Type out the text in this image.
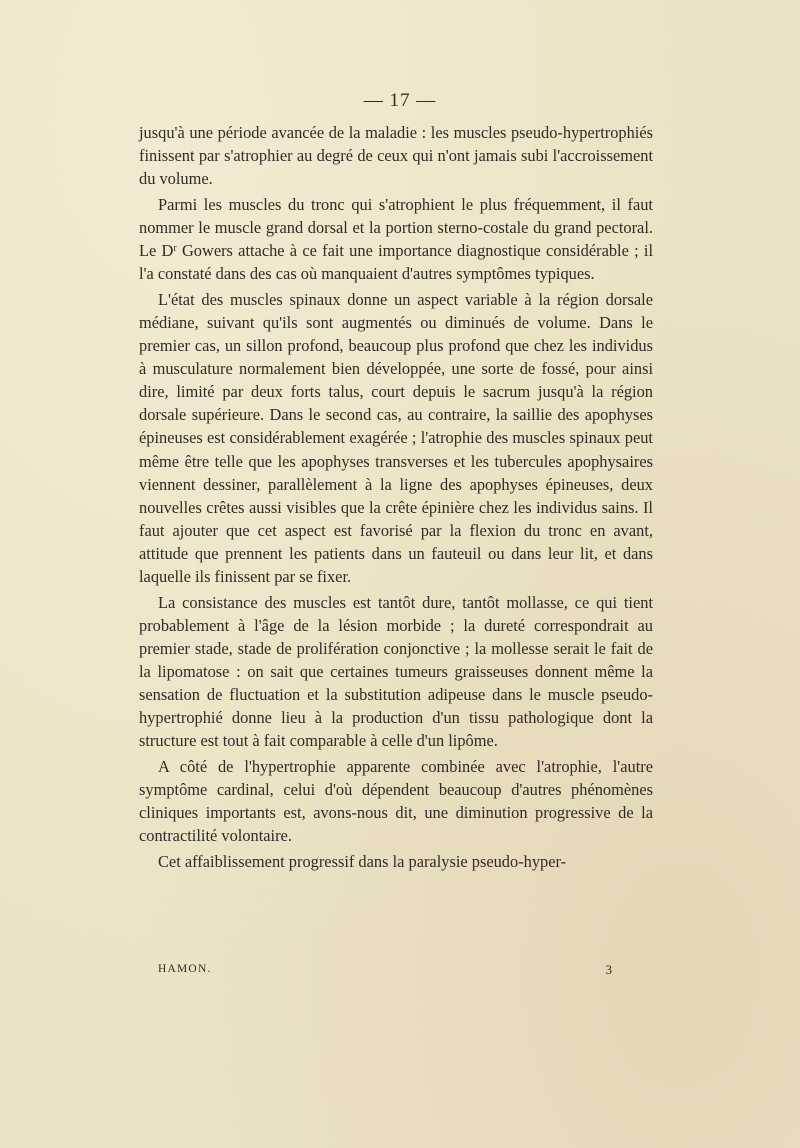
— 17 —

jusqu'à une période avancée de la maladie : les muscles pseudo-hypertrophiés finissent par s'atrophier au degré de ceux qui n'ont jamais subi l'accroissement du volume.

Parmi les muscles du tronc qui s'atrophient le plus fréquemment, il faut nommer le muscle grand dorsal et la portion sterno-costale du grand pectoral. Le $D^r$ Gowers attache à ce fait une importance diagnostique considérable ; il l'a constaté dans des cas où manquaient d'autres symptômes typiques.

L'état des muscles spinaux donne un aspect variable à la région dorsale médiane, suivant qu'ils sont augmentés ou diminués de volume. Dans le premier cas, un sillon profond, beaucoup plus profond que chez les individus à musculature normalement bien développée, une sorte de fossé, pour ainsi dire, limité par deux forts talus, court depuis le sacrum jusqu'à la région dorsale supérieure. Dans le second cas, au contraire, la saillie des apophyses épineuses est considérablement exagérée ; l'atrophie des muscles spinaux peut même être telle que les apophyses transverses et les tubercules apophysaires viennent dessiner, parallèlement à la ligne des apophyses épineuses, deux nouvelles crêtes aussi visibles que la crête épinière chez les individus sains. Il faut ajouter que cet aspect est favorisé par la flexion du tronc en avant, attitude que prennent les patients dans un fauteuil ou dans leur lit, et dans laquelle ils finissent par se fixer.

La consistance des muscles est tantôt dure, tantôt mollasse, ce qui tient probablement à l'âge de la lésion morbide ; la dureté correspondrait au premier stade, stade de prolifération conjonctive ; la mollesse serait le fait de la lipomatose : on sait que certaines tumeurs graisseuses donnent même la sensation de fluctuation et la substitution adipeuse dans le muscle pseudo-hypertrophié donne lieu à la production d'un tissu pathologique dont la structure est tout à fait comparable à celle d'un lipôme.

A côté de l'hypertrophie apparente combinée avec l'atrophie, l'autre symptôme cardinal, celui d'où dépendent beaucoup d'autres phénomènes cliniques importants est, avons-nous dit, une diminution progressive de la contractilité volontaire.

Cet affaiblissement progressif dans la paralysie pseudo-hyper-

HAMON.	3
